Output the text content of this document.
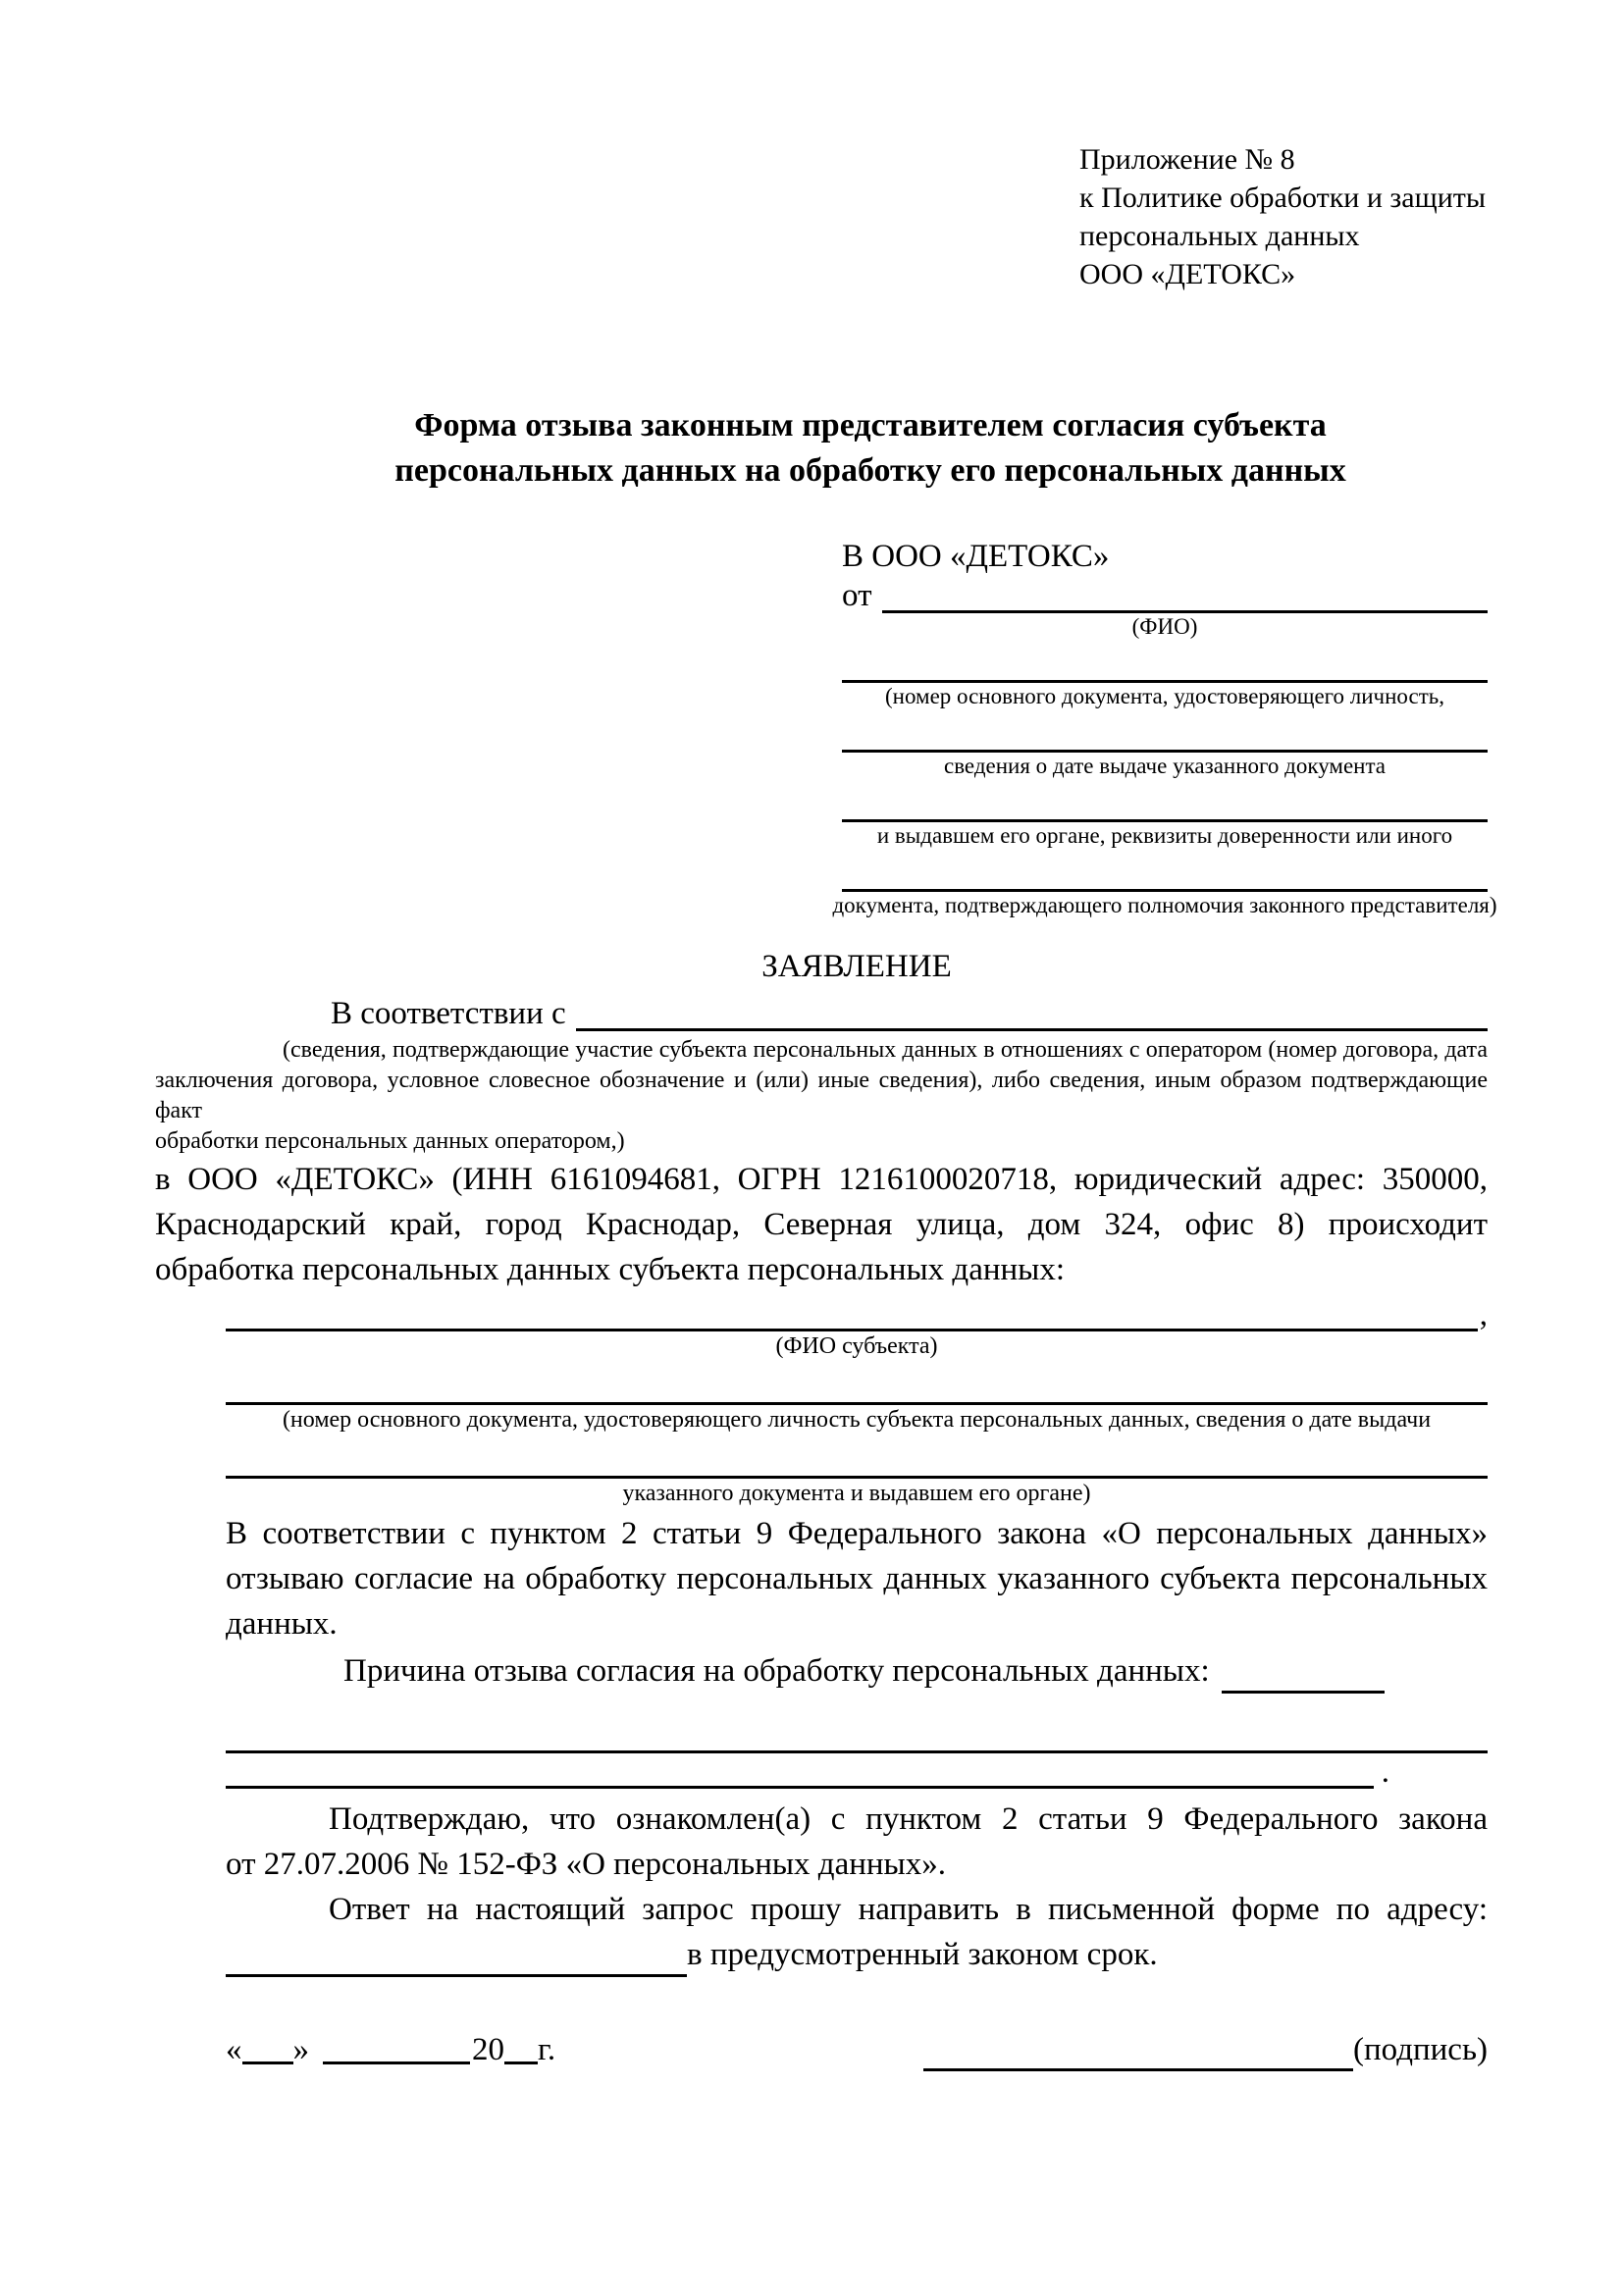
Приложение № 8
к Политике обработки и защиты
персональных данных
ООО «ДЕТОКС»
Форма отзыва законным представителем согласия субъекта
персональных данных на обработку его персональных данных
В ООО «ДЕТОКС»
от
(ФИО)
(номер основного документа, удостоверяющего личность,
сведения о дате выдаче указанного документа
и выдавшем его органе, реквизиты доверенности или иного
документа, подтверждающего полномочия законного представителя)
ЗАЯВЛЕНИЕ
В соответствии с
(сведения, подтверждающие участие субъекта персональных данных в отношениях с оператором (номер договора, дата
заключения договора, условное словесное обозначение и (или) иные сведения), либо сведения, иным образом подтверждающие факт
обработки персональных данных оператором,)
в ООО «ДЕТОКС» (ИНН 6161094681, ОГРН 1216100020718, юридический адрес: 350000,
Краснодарский край, город Краснодар, Северная улица, дом 324, офис 8) происходит
обработка персональных данных субъекта персональных данных:
,
(ФИО субъекта)
(номер основного документа, удостоверяющего личность субъекта персональных данных, сведения о дате выдачи
указанного документа и выдавшем его органе)
В соответствии с пунктом 2 статьи 9 Федерального закона «О персональных данных»
отзываю согласие на обработку персональных данных указанного субъекта персональных
данных.
Причина отзыва согласия на обработку персональных данных:
.
Подтверждаю, что ознакомлен(а) с пунктом 2 статьи 9 Федерального закона
от 27.07.2006 № 152-ФЗ «О персональных данных».
Ответ на настоящий запрос прошу направить в письменной форме по адресу:
в предусмотренный законом срок.
« »	20 г.	(подпись)
